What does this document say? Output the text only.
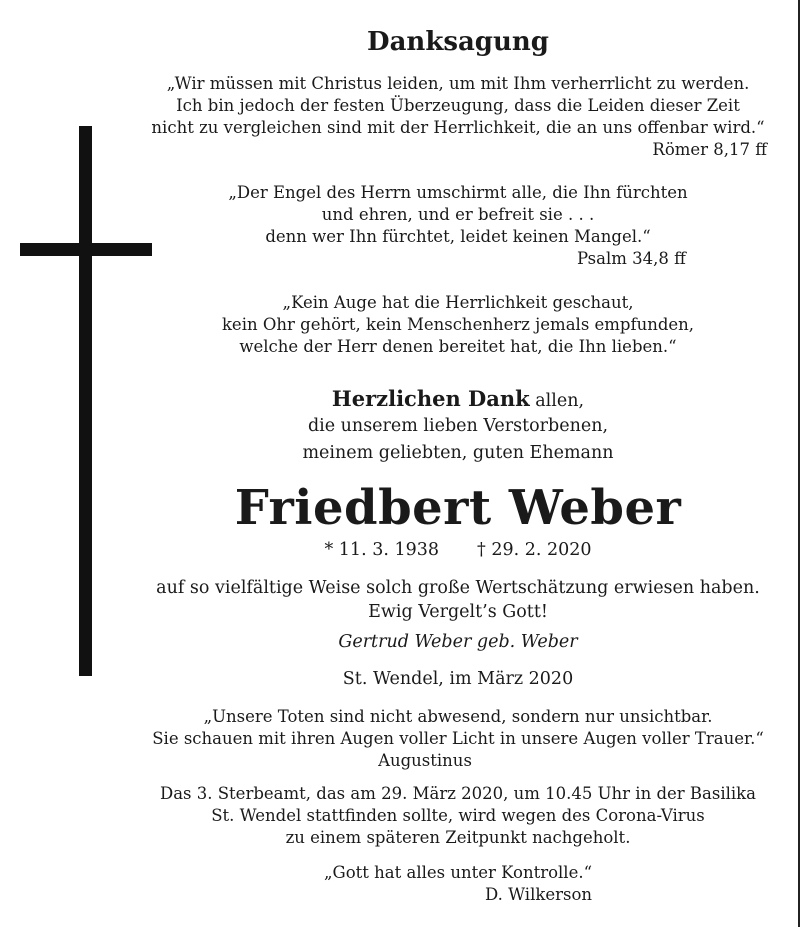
Danksagung
„Wir müssen mit Christus leiden, um mit Ihm verherrlicht zu werden.
Ich bin jedoch der festen Überzeugung, dass die Leiden dieser Zeit
nicht zu vergleichen sind mit der Herrlichkeit, die an uns offenbar wird.“
Römer 8,17 ff
„Der Engel des Herrn umschirmt alle, die Ihn fürchten
und ehren, und er befreit sie . . .
denn wer Ihn fürchtet, leidet keinen Mangel.“
Psalm 34,8 ff
„Kein Auge hat die Herrlichkeit geschaut,
kein Ohr gehört, kein Menschenherz jemals empfunden,
welche der Herr denen bereitet hat, die Ihn lieben.“
Herzlichen Dank allen,
die unserem lieben Verstorbenen,
meinem geliebten, guten Ehemann
Friedbert Weber
* 11. 3. 1938 † 29. 2. 2020
auf so vielfältige Weise solch große Wertschätzung erwiesen haben.
Ewig Vergelt’s Gott!
Gertrud Weber geb. Weber
St. Wendel, im März 2020
„Unsere Toten sind nicht abwesend, sondern nur unsichtbar.
Sie schauen mit ihren Augen voller Licht in unsere Augen voller Trauer.“
Augustinus
Das 3. Sterbeamt, das am 29. März 2020, um 10.45 Uhr in der Basilika
St. Wendel stattfinden sollte, wird wegen des Corona-Virus
zu einem späteren Zeitpunkt nachgeholt.
„Gott hat alles unter Kontrolle.“
D. Wilkerson
